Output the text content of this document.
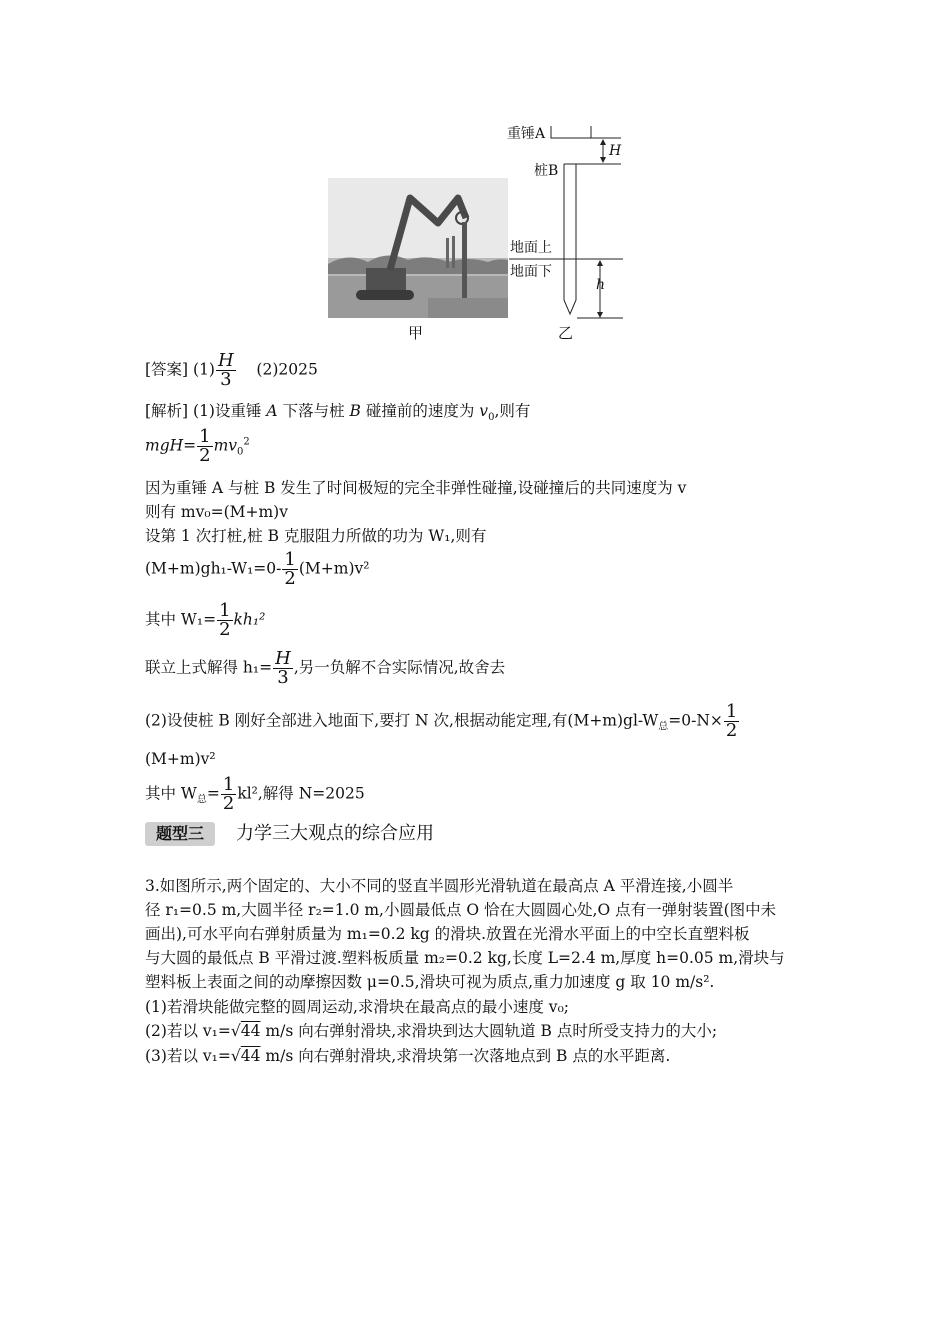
甲
重锤A
桩B
H
地面上
地面下
h
乙
[答案] $(1) \frac{H}{3} (2)2025$
[解析] (1)设重锤 A 下落与桩 B 碰撞前的速度为 $v_0$,则有
$mgH= \frac{1}{2} mv_0^2$
因为重锤 A 与桩 B 发生了时间极短的完全非弹性碰撞,设碰撞后的共同速度为 v
则有 mv₀=(M+m)v
设第 1 次打桩,桩 B 克服阻力所做的功为 W₁,则有
$(M+m)gh_1-W_1=0- \frac{1}{2} (M+m)v^2$
其中 $W_1= \frac{1}{2} kh_1^2$
联立上式解得 $h_1= \frac{H}{3}$ ,另一负解不合实际情况,故舍去
(2)设使桩 B 刚好全部进入地面下,要打 N 次,根据动能定理,有$(M+m)gl-W_总=0-N\times \frac{1}{2}$
(M+m)v²
其中 $W_总= \frac{1}{2} kl^2$,解得 N=2025
题型三	力学三大观点的综合应用
3.如图所示,两个固定的、大小不同的竖直半圆形光滑轨道在最高点 A 平滑连接,小圆半
径 r₁=0.5 m,大圆半径 r₂=1.0 m,小圆最低点 O 恰在大圆圆心处,O 点有一弹射装置(图中未
画出),可水平向右弹射质量为 m₁=0.2 kg 的滑块.放置在光滑水平面上的中空长直塑料板
与大圆的最低点 B 平滑过渡.塑料板质量 m₂=0.2 kg,长度 L=2.4 m,厚度 h=0.05 m,滑块与
塑料板上表面之间的动摩擦因数 μ=0.5,滑块可视为质点,重力加速度 g 取 10 m/s².
(1)若滑块能做完整的圆周运动,求滑块在最高点的最小速度 v₀;
(2)若以 v₁=√44 m/s 向右弹射滑块,求滑块到达大圆轨道 B 点时所受支持力的大小;
(3)若以 v₁=√44 m/s 向右弹射滑块,求滑块第一次落地点到 B 点的水平距离.
